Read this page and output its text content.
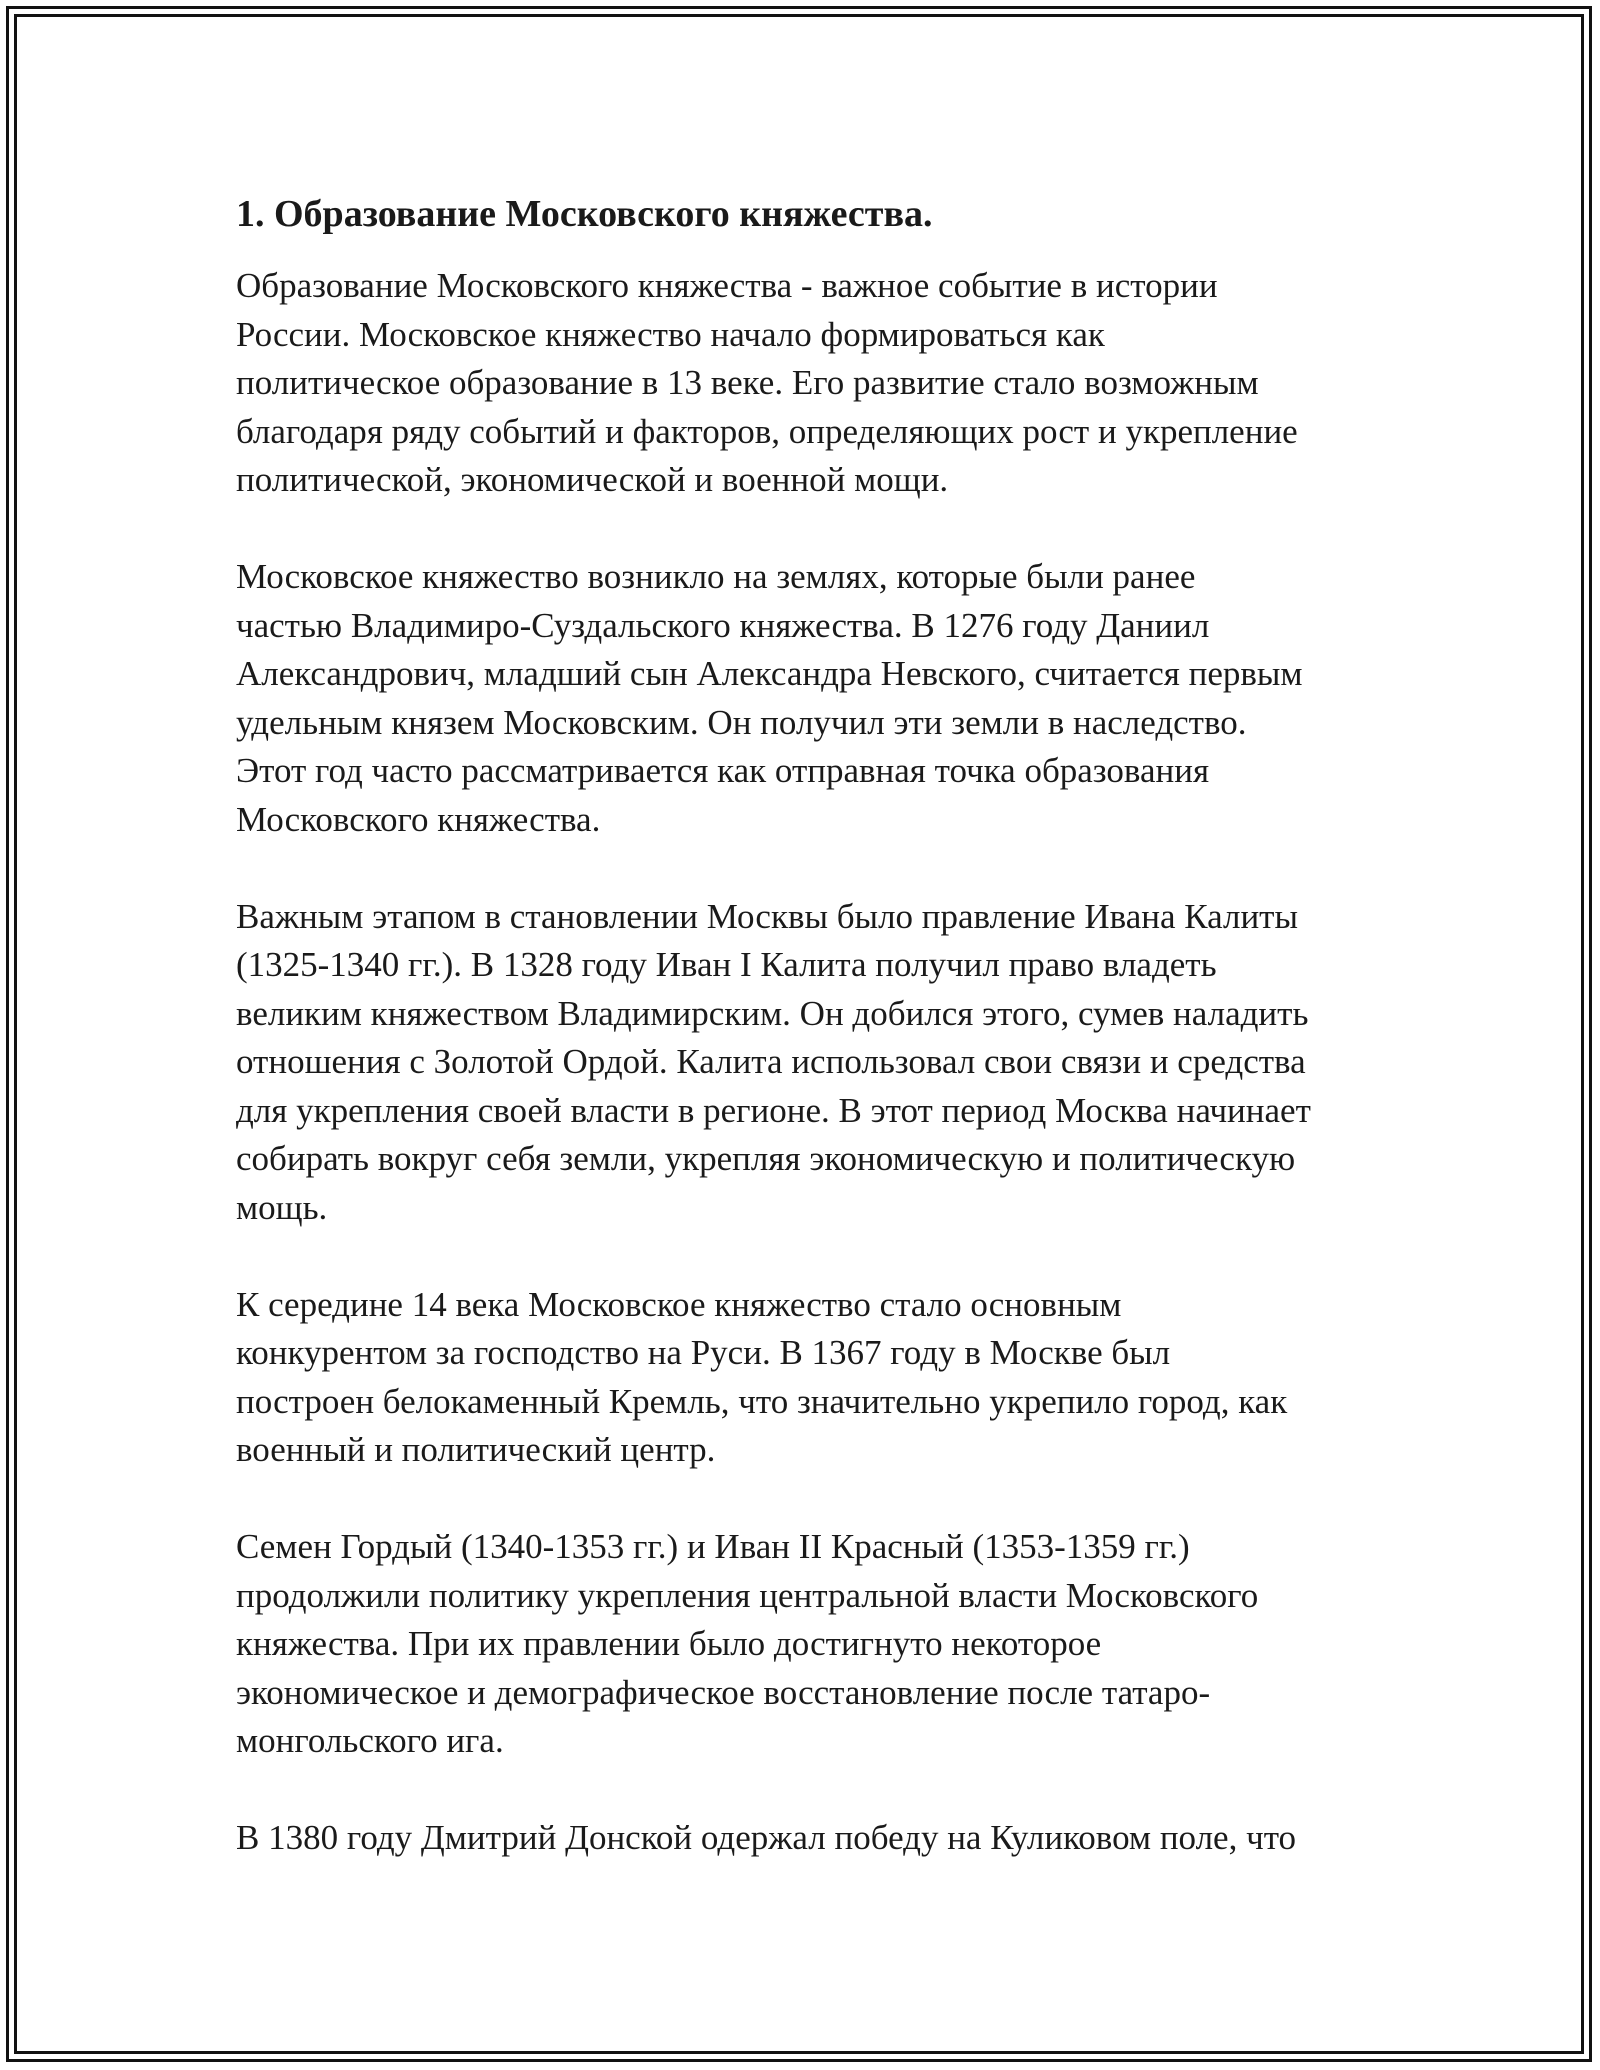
1. Образование Московского княжества.
Образование Московского княжества - важное событие в истории
России. Московское княжество начало формироваться как
политическое образование в 13 веке. Его развитие стало возможным
благодаря ряду событий и факторов, определяющих рост и укрепление
политической, экономической и военной мощи.
Московское княжество возникло на землях, которые были ранее
частью Владимиро-Суздальского княжества. В 1276 году Даниил
Александрович, младший сын Александра Невского, считается первым
удельным князем Московским. Он получил эти земли в наследство.
Этот год часто рассматривается как отправная точка образования
Московского княжества.
Важным этапом в становлении Москвы было правление Ивана Калиты
(1325-1340 гг.). В 1328 году Иван I Калита получил право владеть
великим княжеством Владимирским. Он добился этого, сумев наладить
отношения с Золотой Ордой. Калита использовал свои связи и средства
для укрепления своей власти в регионе. В этот период Москва начинает
собирать вокруг себя земли, укрепляя экономическую и политическую
мощь.
К середине 14 века Московское княжество стало основным
конкурентом за господство на Руси. В 1367 году в Москве был
построен белокаменный Кремль, что значительно укрепило город, как
военный и политический центр.
Семен Гордый (1340-1353 гг.) и Иван II Красный (1353-1359 гг.)
продолжили политику укрепления центральной власти Московского
княжества. При их правлении было достигнуто некоторое
экономическое и демографическое восстановление после татаро-
монгольского ига.
В 1380 году Дмитрий Донской одержал победу на Куликовом поле, что
